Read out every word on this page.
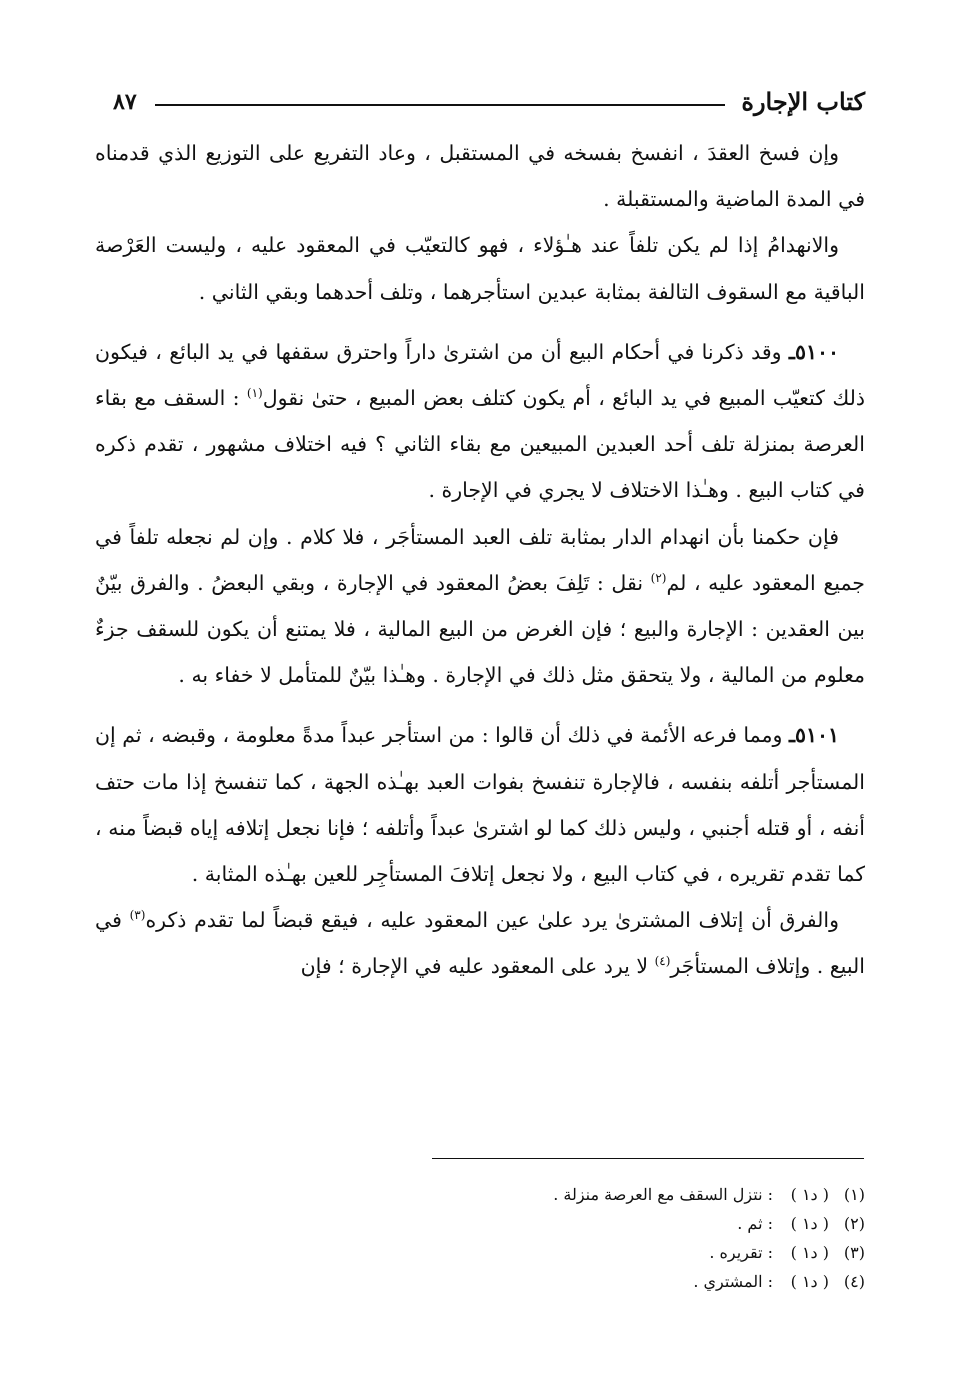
كتاب الإجارة
٨٧

وإن فسخ العقدَ ، انفسخ بفسخه في المستقبل ، وعاد التفريع على التوزيع الذي قدمناه في المدة الماضية والمستقبلة .

والانهدامُ إذا لم يكن تلفاً عند هـٰؤلاء ، فهو كالتعيّب في المعقود عليه ، وليست العَرْصة الباقية مع السقوف التالفة بمثابة عبدين استأجرهما ، وتلف أحدهما وبقي الثاني .

٥١٠٠ـ وقد ذكرنا في أحكام البيع أن من اشترىٰ داراً واحترق سقفها في يد البائع ، فيكون ذلك كتعيّب المبيع في يد البائع ، أم يكون كتلف بعض المبيع ، حتىٰ نقول$^{(١)}$ : السقف مع بقاء العرصة بمنزلة تلف أحد العبدين المبيعين مع بقاء الثاني ؟ فيه اختلاف مشهور ، تقدم ذكره في كتاب البيع . وهـٰذا الاختلاف لا يجري في الإجارة .

فإن حكمنا بأن انهدام الدار بمثابة تلف العبد المستأجَر ، فلا كلام . وإن لم نجعله تلفاً في جميع المعقود عليه ، لم$^{(٢)}$ نقل : تَلِفَ بعضُ المعقود في الإجارة ، وبقي البعضُ . والفرق بيّنٌ بين العقدين : الإجارة والبيع ؛ فإن الغرض من البيع المالية ، فلا يمتنع أن يكون للسقف جزءٌ معلوم من المالية ، ولا يتحقق مثل ذلك في الإجارة . وهـٰذا بيّنٌ للمتأمل لا خفاء به .

٥١٠١ـ ومما فرعه الأئمة في ذلك أن قالوا : من استأجر عبداً مدةً معلومة ، وقبضه ، ثم إن المستأجر أتلفه بنفسه ، فالإجارة تنفسخ بفوات العبد بهـٰذه الجهة ، كما تنفسخ إذا مات حتف أنفه ، أو قتله أجنبي ، وليس ذلك كما لو اشترىٰ عبداً وأتلفه ؛ فإنا نجعل إتلافه إياه قبضاً منه ، كما تقدم تقريره ، في كتاب البيع ، ولا نجعل إتلافَ المستأجِر للعين بهـٰذه المثابة .

والفرق أن إتلاف المشترىٰ يرد علىٰ عين المعقود عليه ، فيقع قبضاً لما تقدم ذكره$^{(٣)}$ في البيع . وإتلاف المستأجَر$^{(٤)}$ لا يرد على المعقود عليه في الإجارة ؛ فإن

(١)( د١ ): نتزل السقف مع العرصة منزلة .
(٢)( د١ ): ثم .
(٣)( د١ ): تقريره .
(٤)( د١ ): المشتري .
